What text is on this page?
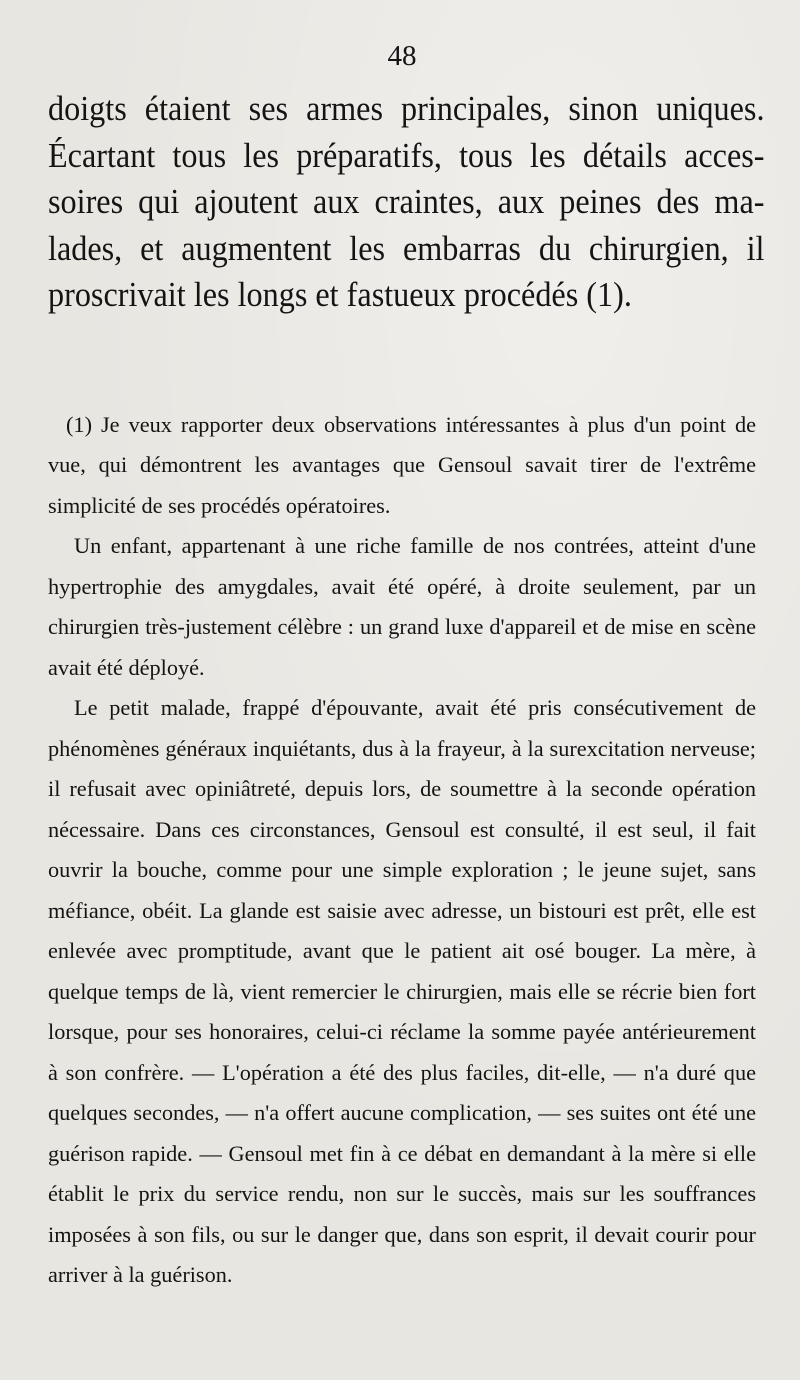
48

doigts étaient ses armes principales, sinon uniques.

Écartant tous les préparatifs, tous les détails acces-

soires qui ajoutent aux craintes, aux peines des ma-

lades, et augmentent les embarras du chirurgien, il

proscrivait les longs et fastueux procédés (1).

(1) Je veux rapporter deux observations intéressantes à plus d'un point de vue, qui démontrent les avantages que Gensoul savait tirer de l'extrême simplicité de ses procédés opératoires.

Un enfant, appartenant à une riche famille de nos contrées, atteint d'une hypertrophie des amygdales, avait été opéré, à droite seulement, par un chirurgien très-justement célèbre : un grand luxe d'appareil et de mise en scène avait été déployé.

Le petit malade, frappé d'épouvante, avait été pris consécutivement de phénomènes généraux inquiétants, dus à la frayeur, à la surexcitation nerveuse; il refusait avec opiniâtreté, depuis lors, de soumettre à la seconde opération nécessaire. Dans ces circonstances, Gensoul est consulté, il est seul, il fait ouvrir la bouche, comme pour une simple exploration ; le jeune sujet, sans méfiance, obéit. La glande est saisie avec adresse, un bistouri est prêt, elle est enlevée avec promptitude, avant que le patient ait osé bouger. La mère, à quelque temps de là, vient remercier le chirurgien, mais elle se récrie bien fort lorsque, pour ses honoraires, celui-ci réclame la somme payée antérieurement à son confrère. — L'opération a été des plus faciles, dit-elle, — n'a duré que quelques secondes, — n'a offert aucune complication, — ses suites ont été une guérison rapide. — Gensoul met fin à ce débat en demandant à la mère si elle établit le prix du service rendu, non sur le succès, mais sur les souffrances imposées à son fils, ou sur le danger que, dans son esprit, il devait courir pour arriver à la guérison.
